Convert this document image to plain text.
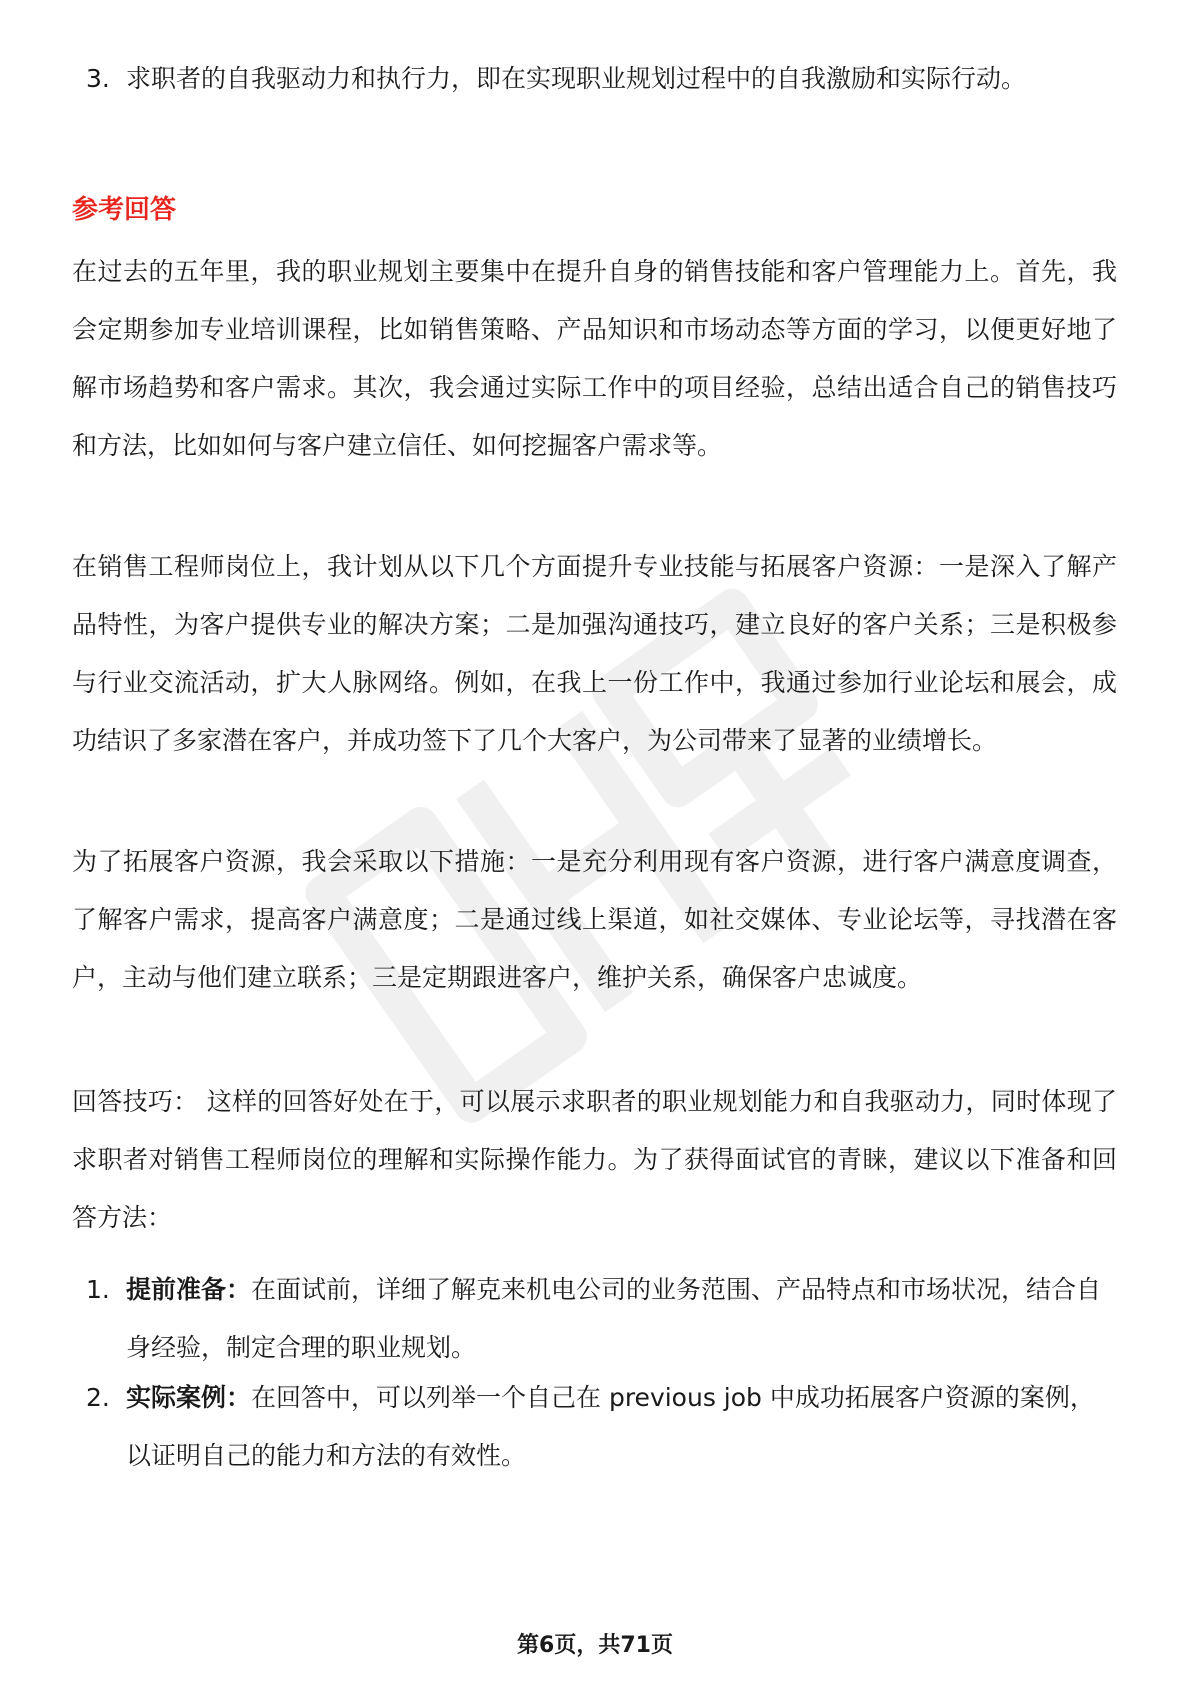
3. 求职者的自我驱动力和执行力，即在实现职业规划过程中的自我激励和实际行动。
参考回答
在过去的五年里，我的职业规划主要集中在提升自身的销售技能和客户管理能力上。首先，我会定期参加专业培训课程，比如销售策略、产品知识和市场动态等方面的学习，以便更好地了解市场趋势和客户需求。其次，我会通过实际工作中的项目经验，总结出适合自己的销售技巧和方法，比如如何与客户建立信任、如何挖掘客户需求等。
在销售工程师岗位上，我计划从以下几个方面提升专业技能与拓展客户资源：一是深入了解产品特性，为客户提供专业的解决方案；二是加强沟通技巧，建立良好的客户关系；三是积极参与行业交流活动，扩大人脉网络。例如，在我上一份工作中，我通过参加行业论坛和展会，成功结识了多家潜在客户，并成功签下了几个大客户，为公司带来了显著的业绩增长。
为了拓展客户资源，我会采取以下措施：一是充分利用现有客户资源，进行客户满意度调查，了解客户需求，提高客户满意度；二是通过线上渠道，如社交媒体、专业论坛等，寻找潜在客户，主动与他们建立联系；三是定期跟进客户，维护关系，确保客户忠诚度。
回答技巧： 这样的回答好处在于，可以展示求职者的职业规划能力和自我驱动力，同时体现了求职者对销售工程师岗位的理解和实际操作能力。为了获得面试官的青睐，建议以下准备和回答方法：
1. 提前准备：在面试前，详细了解克来机电公司的业务范围、产品特点和市场状况，结合自身经验，制定合理的职业规划。
2. 实际案例：在回答中，可以列举一个自己在 previous job 中成功拓展客户资源的案例，以证明自己的能力和方法的有效性。
第6页，共71页
